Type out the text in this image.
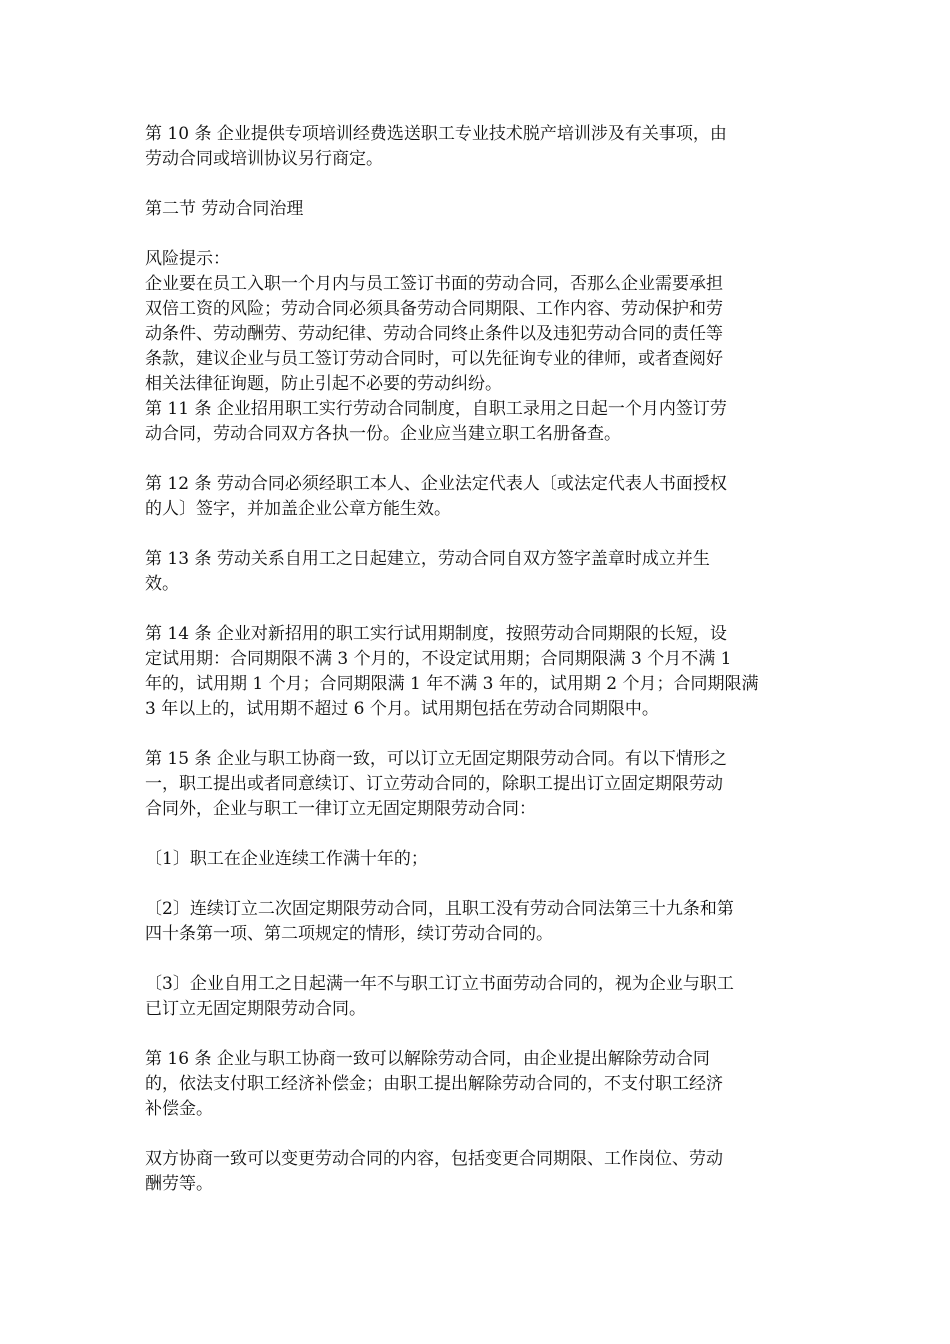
第 10 条 企业提供专项培训经费选送职工专业技术脱产培训涉及有关事项，由
劳动合同或培训协议另行商定。

第二节 劳动合同治理

风险提示：
企业要在员工入职一个月内与员工签订书面的劳动合同，否那么企业需要承担
双倍工资的风险；劳动合同必须具备劳动合同期限、工作内容、劳动保护和劳
动条件、劳动酬劳、劳动纪律、劳动合同终止条件以及违犯劳动合同的责任等
条款，建议企业与员工签订劳动合同时，可以先征询专业的律师，或者查阅好
相关法律征询题，防止引起不必要的劳动纠纷。

第 11 条 企业招用职工实行劳动合同制度，自职工录用之日起一个月内签订劳
动合同，劳动合同双方各执一份。企业应当建立职工名册备查。

第 12 条 劳动合同必须经职工本人、企业法定代表人〔或法定代表人书面授权
的人〕签字，并加盖企业公章方能生效。

第 13 条 劳动关系自用工之日起建立，劳动合同自双方签字盖章时成立并生
效。

第 14 条 企业对新招用的职工实行试用期制度，按照劳动合同期限的长短，设
定试用期：合同期限不满 3 个月的，不设定试用期；合同期限满 3 个月不满 1
年的，试用期 1 个月；合同期限满 1 年不满 3 年的，试用期 2 个月；合同期限满
3 年以上的，试用期不超过 6 个月。试用期包括在劳动合同期限中。

第 15 条 企业与职工协商一致，可以订立无固定期限劳动合同。有以下情形之
一，职工提出或者同意续订、订立劳动合同的，除职工提出订立固定期限劳动
合同外，企业与职工一律订立无固定期限劳动合同：

〔1〕职工在企业连续工作满十年的；

〔2〕连续订立二次固定期限劳动合同，且职工没有劳动合同法第三十九条和第
四十条第一项、第二项规定的情形，续订劳动合同的。

〔3〕企业自用工之日起满一年不与职工订立书面劳动合同的，视为企业与职工
已订立无固定期限劳动合同。

第 16 条 企业与职工协商一致可以解除劳动合同，由企业提出解除劳动合同
的，依法支付职工经济补偿金；由职工提出解除劳动合同的，不支付职工经济
补偿金。

双方协商一致可以变更劳动合同的内容，包括变更合同期限、工作岗位、劳动
酬劳等。
